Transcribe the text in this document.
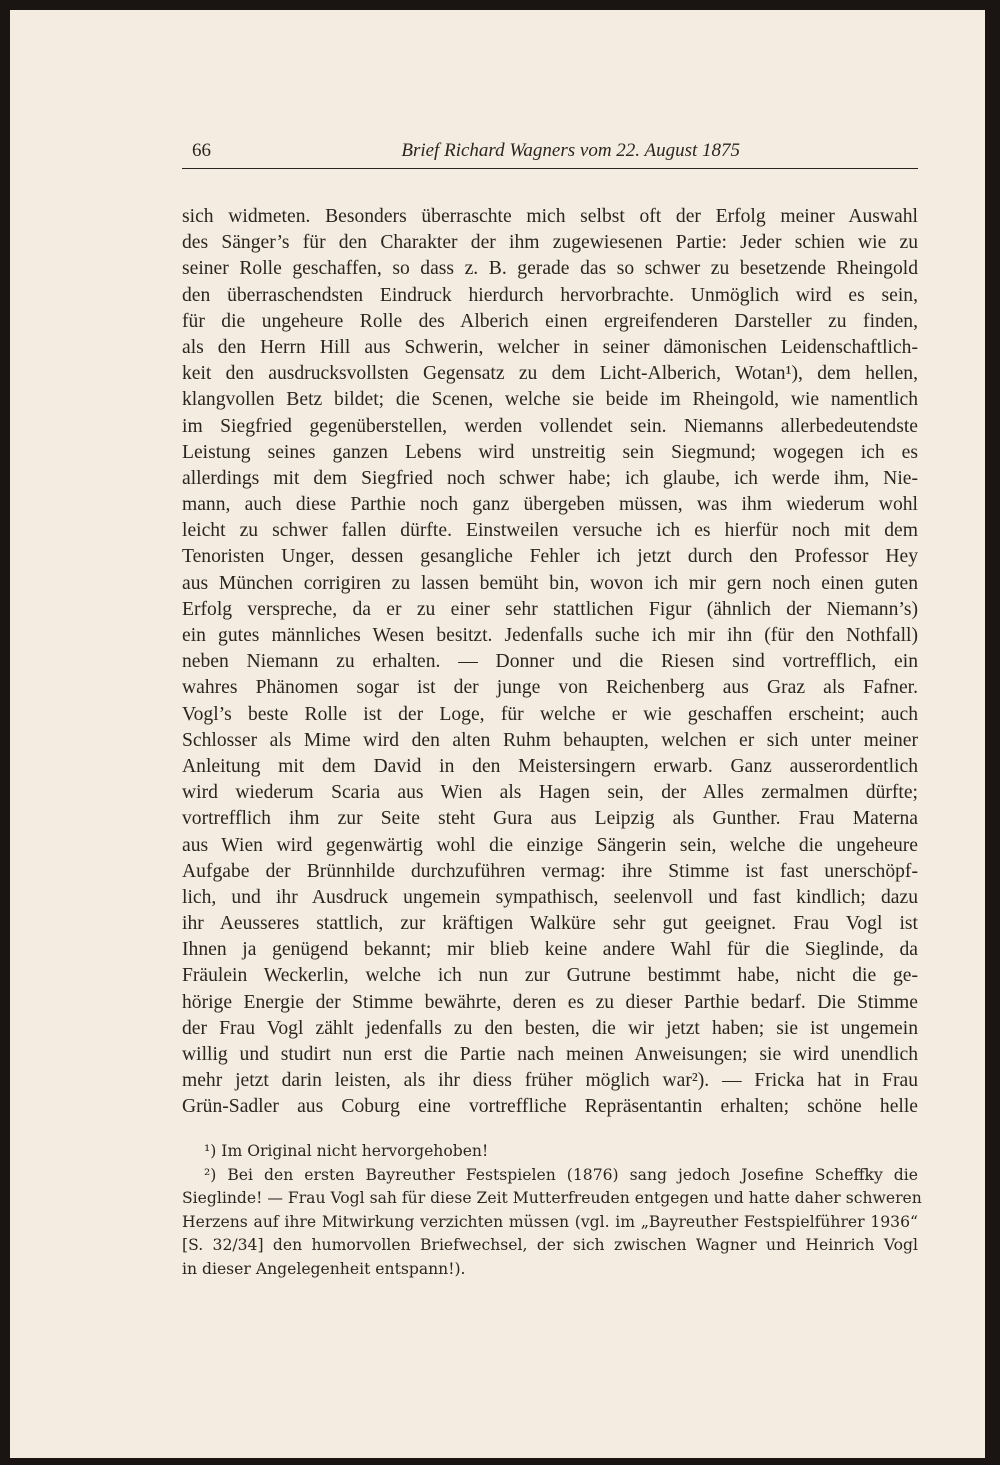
66	Brief Richard Wagners vom 22. August 1875
sich widmeten. Besonders überraschte mich selbst oft der Erfolg meiner Auswahl
des Sänger’s für den Charakter der ihm zugewiesenen Partie: Jeder schien wie zu
seiner Rolle geschaffen, so dass z. B. gerade das so schwer zu besetzende Rheingold
den überraschendsten Eindruck hierdurch hervorbrachte. Unmöglich wird es sein,
für die ungeheure Rolle des Alberich einen ergreifenderen Darsteller zu finden,
als den Herrn Hill aus Schwerin, welcher in seiner dämonischen Leidenschaftlich-
keit den ausdrucksvollsten Gegensatz zu dem Licht-Alberich, Wotan¹), dem hellen,
klangvollen Betz bildet; die Scenen, welche sie beide im Rheingold, wie namentlich
im Siegfried gegenüberstellen, werden vollendet sein. Niemanns allerbedeutendste
Leistung seines ganzen Lebens wird unstreitig sein Siegmund; wogegen ich es
allerdings mit dem Siegfried noch schwer habe; ich glaube, ich werde ihm, Nie-
mann, auch diese Parthie noch ganz übergeben müssen, was ihm wiederum wohl
leicht zu schwer fallen dürfte. Einstweilen versuche ich es hierfür noch mit dem
Tenoristen Unger, dessen gesangliche Fehler ich jetzt durch den Professor Hey
aus München corrigiren zu lassen bemüht bin, wovon ich mir gern noch einen guten
Erfolg verspreche, da er zu einer sehr stattlichen Figur (ähnlich der Niemann’s)
ein gutes männliches Wesen besitzt. Jedenfalls suche ich mir ihn (für den Nothfall)
neben Niemann zu erhalten. — Donner und die Riesen sind vortrefflich, ein
wahres Phänomen sogar ist der junge von Reichenberg aus Graz als Fafner.
Vogl’s beste Rolle ist der Loge, für welche er wie geschaffen erscheint; auch
Schlosser als Mime wird den alten Ruhm behaupten, welchen er sich unter meiner
Anleitung mit dem David in den Meistersingern erwarb. Ganz ausserordentlich
wird wiederum Scaria aus Wien als Hagen sein, der Alles zermalmen dürfte;
vortrefflich ihm zur Seite steht Gura aus Leipzig als Gunther. Frau Materna
aus Wien wird gegenwärtig wohl die einzige Sängerin sein, welche die ungeheure
Aufgabe der Brünnhilde durchzuführen vermag: ihre Stimme ist fast unerschöpf-
lich, und ihr Ausdruck ungemein sympathisch, seelenvoll und fast kindlich; dazu
ihr Aeusseres stattlich, zur kräftigen Walküre sehr gut geeignet. Frau Vogl ist
Ihnen ja genügend bekannt; mir blieb keine andere Wahl für die Sieglinde, da
Fräulein Weckerlin, welche ich nun zur Gutrune bestimmt habe, nicht die ge-
hörige Energie der Stimme bewährte, deren es zu dieser Parthie bedarf. Die Stimme
der Frau Vogl zählt jedenfalls zu den besten, die wir jetzt haben; sie ist ungemein
willig und studirt nun erst die Partie nach meinen Anweisungen; sie wird unendlich
mehr jetzt darin leisten, als ihr diess früher möglich war²). — Fricka hat in Frau
Grün-Sadler aus Coburg eine vortreffliche Repräsentantin erhalten; schöne helle
¹) Im Original nicht hervorgehoben!
²) Bei den ersten Bayreuther Festspielen (1876) sang jedoch Josefine Scheffky die
Sieglinde! — Frau Vogl sah für diese Zeit Mutterfreuden entgegen und hatte daher schweren
Herzens auf ihre Mitwirkung verzichten müssen (vgl. im „Bayreuther Festspielführer 1936“
[S. 32/34] den humorvollen Briefwechsel, der sich zwischen Wagner und Heinrich Vogl
in dieser Angelegenheit entspann!).
